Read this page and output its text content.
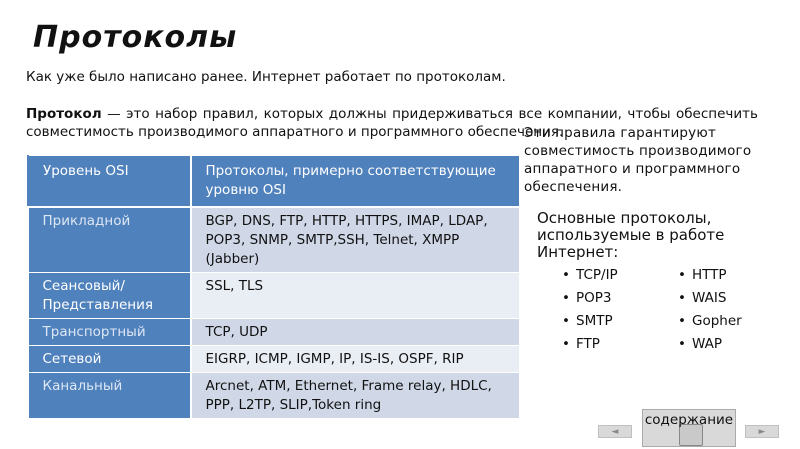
Протоколы
Как уже было написано ранее. Интернет работает по протоколам.
Протокол — это набор правил, которых должны придерживаться все компании, чтобы обеспечить совместимость производимого аппаратного и программного обеспечения.
Эти правила гарантируют совместимость производимого аппаратного и программного обеспечения.
Уровень OSI	Протоколы, примерно соответствующие уровню OSI
Прикладной	BGP, DNS, FTP, HTTP, HTTPS, IMAP, LDAP, POP3, SNMP, SMTP,SSH, Telnet, XMPP (Jabber)
Сеансовый/Представления	SSL, TLS
Транспортный	TCP, UDP
Сетевой	EIGRP, ICMP, IGMP, IP, IS-IS, OSPF, RIP
Канальный	Arcnet, ATM, Ethernet, Frame relay, HDLC, PPP, L2TP, SLIP,Token ring
Основные протоколы, используемые в работе Интернет:
• TCP/IP
• POP3
• SMTP
• FTP
• HTTP
• WAIS
• Gopher
• WAP
◄
содержание
►
